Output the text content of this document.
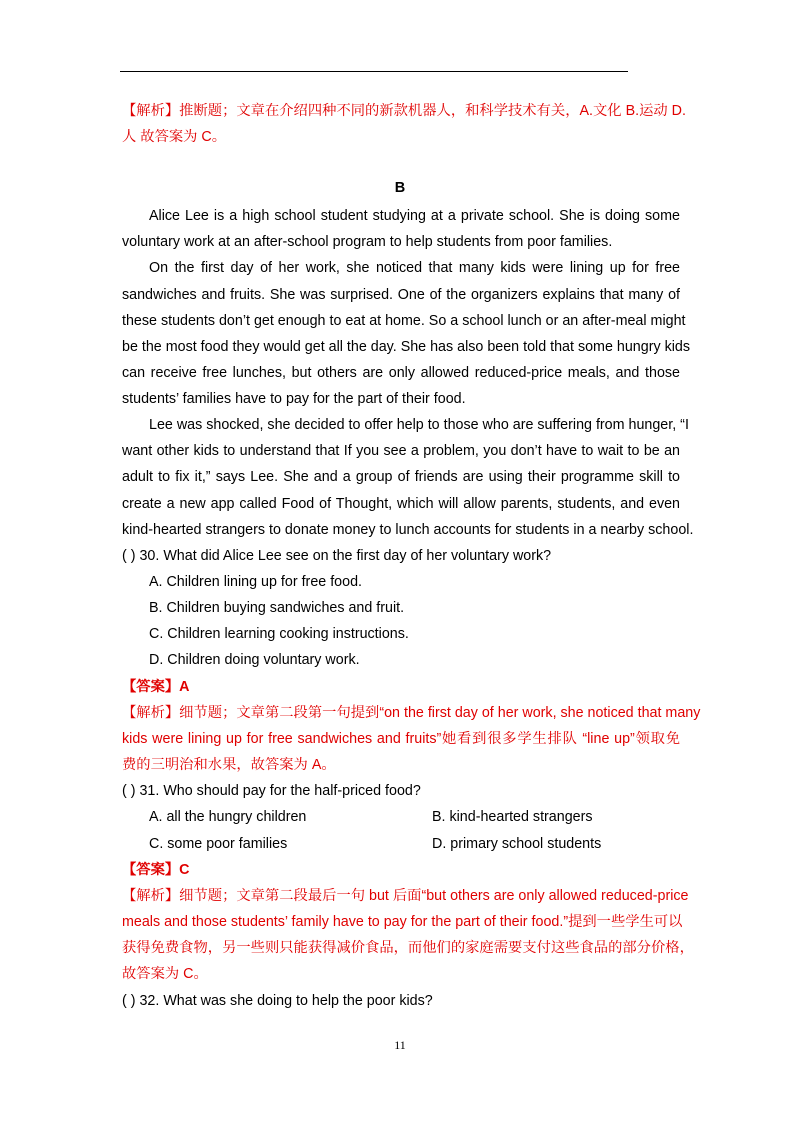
【解析】推断题；文章在介绍四种不同的新款机器人，和科学技术有关，A.文化 B.运动 D.
人 故答案为 C。
B
Alice Lee is a high school student studying at a private school. She is doing some
voluntary work at an after-school program to help students from poor families.
On the first day of her work, she noticed that many kids were lining up for free
sandwiches and fruits. She was surprised. One of the organizers explains that many of
these students don’t get enough to eat at home. So a school lunch or an after-meal might
be the most food they would get all the day. She has also been told that some hungry kids
can receive free lunches, but others are only allowed reduced-price meals, and those
students’ families have to pay for the part of their food.
Lee was shocked, she decided to offer help to those who are suffering from hunger, “I
want other kids to understand that If you see a problem, you don’t have to wait to be an
adult to fix it,” says Lee. She and a group of friends are using their programme skill to
create a new app called Food of Thought, which will allow parents, students, and even
kind-hearted strangers to donate money to lunch accounts for students in a nearby school.
( ) 30. What did Alice Lee see on the first day of her voluntary work?
A. Children lining up for free food.
B. Children buying sandwiches and fruit.
C. Children learning cooking instructions.
D. Children doing voluntary work.
【答案】A
【解析】细节题；文章第二段第一句提到“on the first day of her work, she noticed that many
kids were lining up for free sandwiches and fruits”她看到很多学生排队 “line up”领取免
费的三明治和水果，故答案为 A。
( ) 31. Who should pay for the half-priced food?
A. all the hungry children	B. kind-hearted strangers
C. some poor families	D. primary school students
【答案】C
【解析】细节题；文章第二段最后一句 but 后面“but others are only allowed reduced-price
meals and those students’ family have to pay for the part of their food.”提到一些学生可以
获得免费食物，另一些则只能获得减价食品，而他们的家庭需要支付这些食品的部分价格，
故答案为 C。
( ) 32. What was she doing to help the poor kids?
11
